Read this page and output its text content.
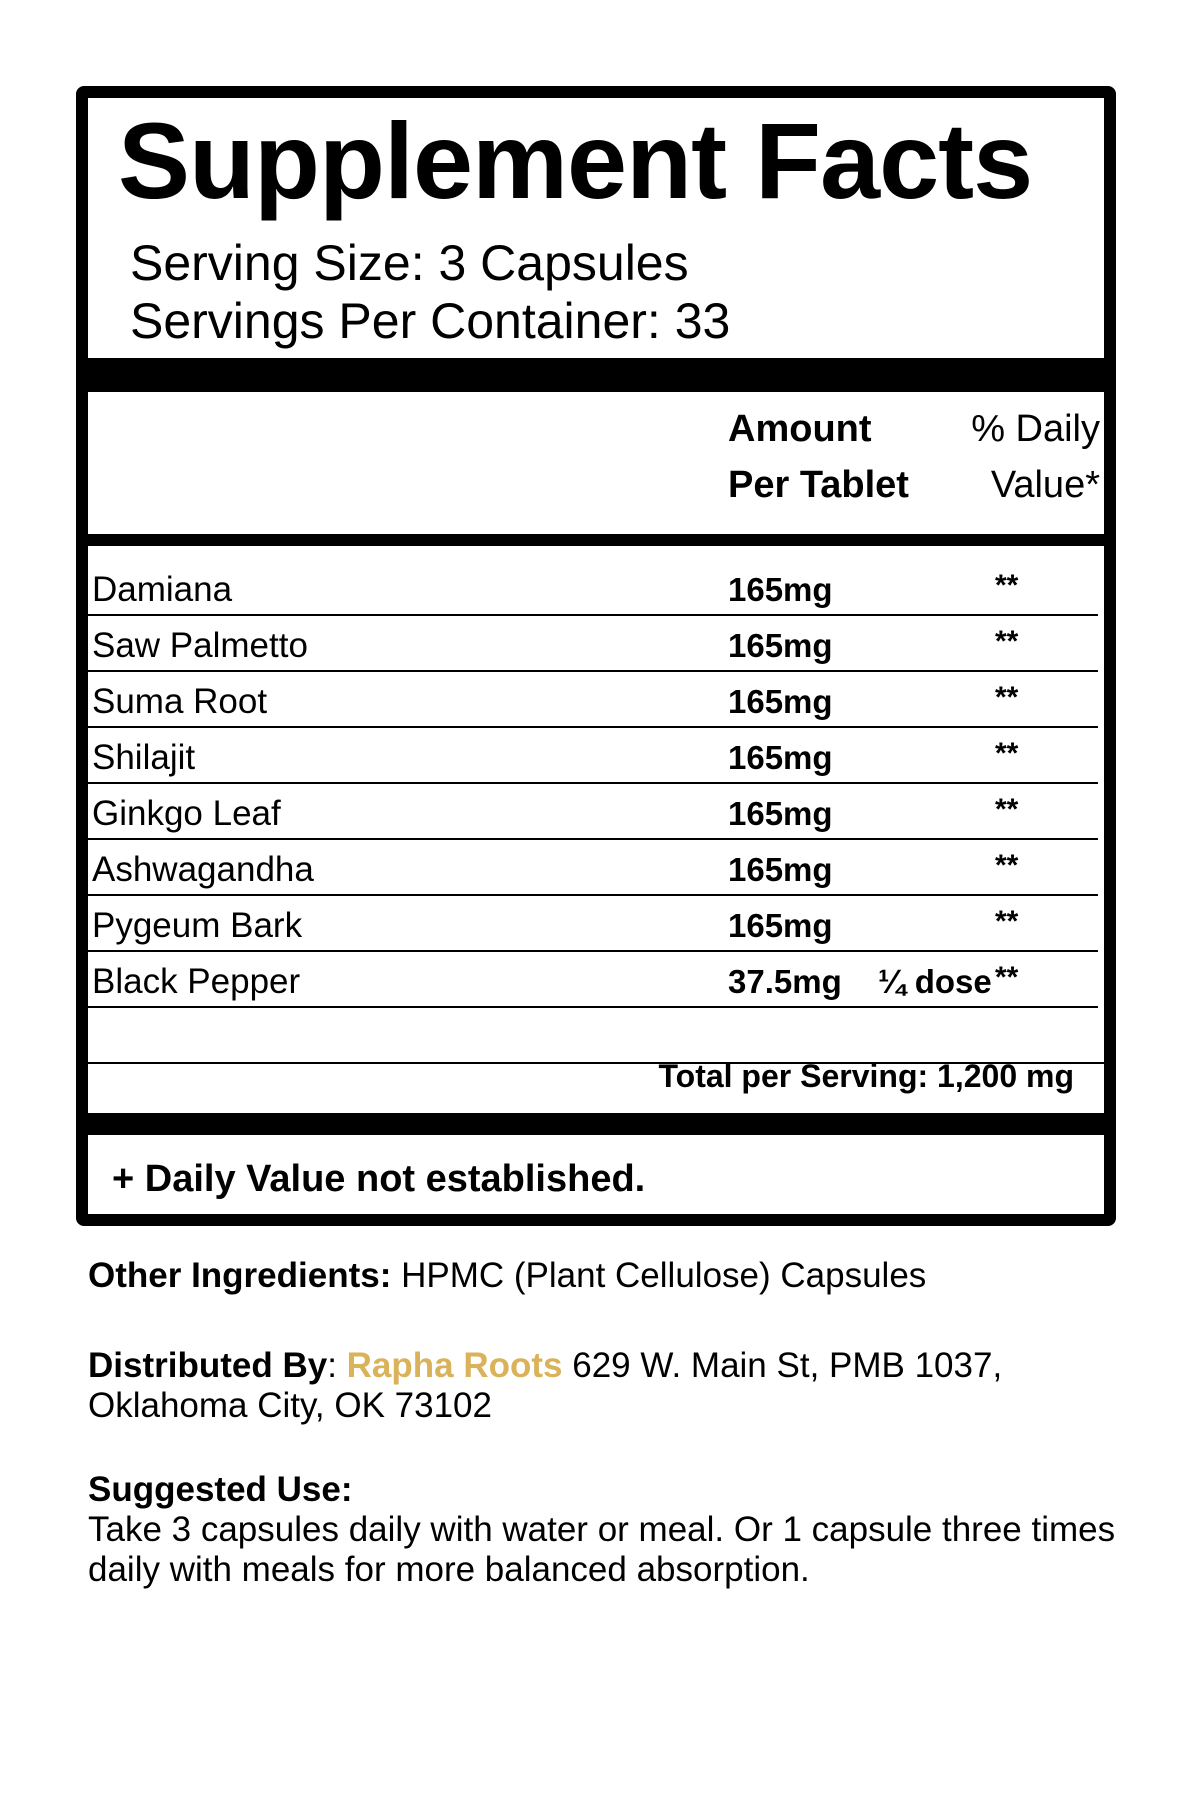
Supplement Facts
Serving Size: 3 Capsules
Servings Per Container: 33
Amount
Per Tablet
% Daily
Value*
Damiana	165mg	**
Saw Palmetto	165mg	**
Suma Root	165mg	**
Shilajit	165mg	**
Ginkgo Leaf	165mg	**
Ashwagandha	165mg	**
Pygeum Bark	165mg	**
Black Pepper	37.5mg ¼ dose **
Total per Serving: 1,200 mg
+ Daily Value not established.
Other Ingredients: HPMC (Plant Cellulose) Capsules
Distributed By: Rapha Roots 629 W. Main St, PMB 1037, Oklahoma City, OK 73102
Suggested Use:
Take 3 capsules daily with water or meal. Or 1 capsule three times daily with meals for more balanced absorption.
